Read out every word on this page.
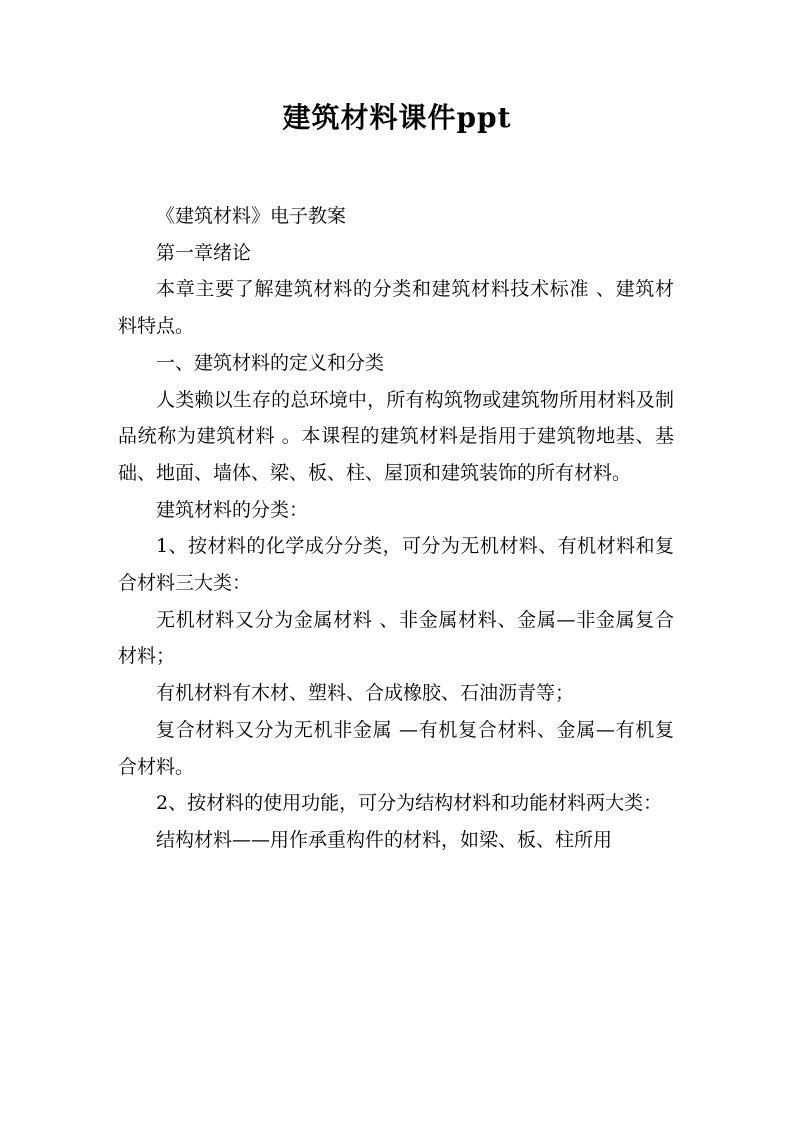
建筑材料课件ppt

《建筑材料》电子教案

第一章绪论

本章主要了解建筑材料的分类和建筑材料技术标准 、建筑材料特点。

一、建筑材料的定义和分类

人类赖以生存的总环境中，所有构筑物或建筑物所用材料及制品统称为建筑材料 。本课程的建筑材料是指用于建筑物地基、基础、地面、墙体、梁、板、柱、屋顶和建筑装饰的所有材料。

建筑材料的分类：

1、按材料的化学成分分类，可分为无机材料、有机材料和复合材料三大类：

无机材料又分为金属材料 、非金属材料、金属—非金属复合材料；

有机材料有木材、塑料、合成橡胶、石油沥青等；

复合材料又分为无机非金属 —有机复合材料、金属—有机复合材料。

2、按材料的使用功能，可分为结构材料和功能材料两大类：

结构材料——用作承重构件的材料，如梁、板、柱所用
